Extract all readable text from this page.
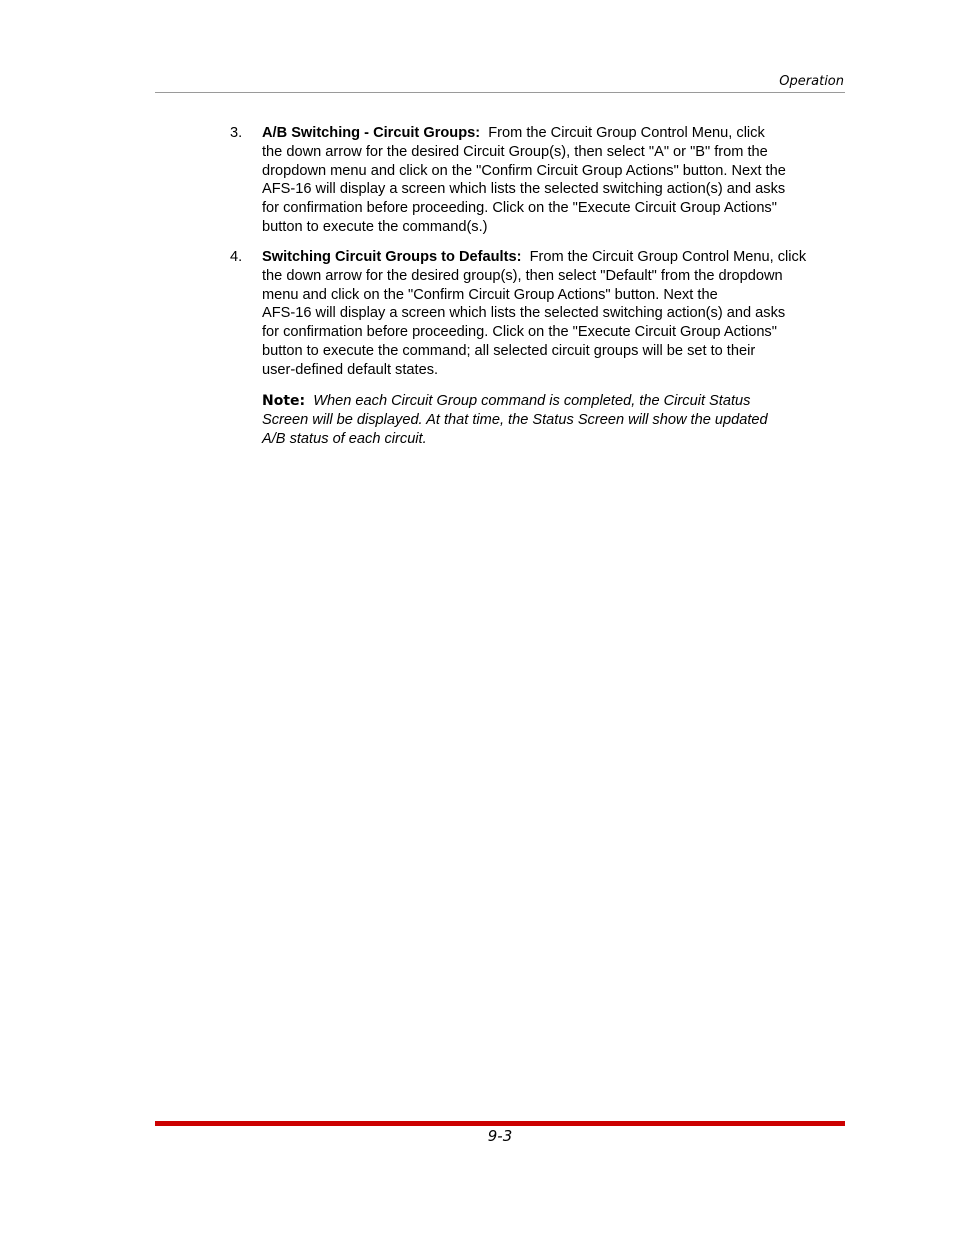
Operation
3. A/B Switching - Circuit Groups: From the Circuit Group Control Menu, click
the down arrow for the desired Circuit Group(s), then select "A" or "B" from the
dropdown menu and click on the "Confirm Circuit Group Actions" button. Next the
AFS-16 will display a screen which lists the selected switching action(s) and asks
for confirmation before proceeding. Click on the "Execute Circuit Group Actions"
button to execute the command(s.)
4. Switching Circuit Groups to Defaults: From the Circuit Group Control Menu, click
the down arrow for the desired group(s), then select "Default" from the dropdown
menu and click on the "Confirm Circuit Group Actions" button. Next the
AFS-16 will display a screen which lists the selected switching action(s) and asks
for confirmation before proceeding. Click on the "Execute Circuit Group Actions"
button to execute the command; all selected circuit groups will be set to their
user-defined default states.
Note: When each Circuit Group command is completed, the Circuit Status
Screen will be displayed. At that time, the Status Screen will show the updated
A/B status of each circuit.
9-3
